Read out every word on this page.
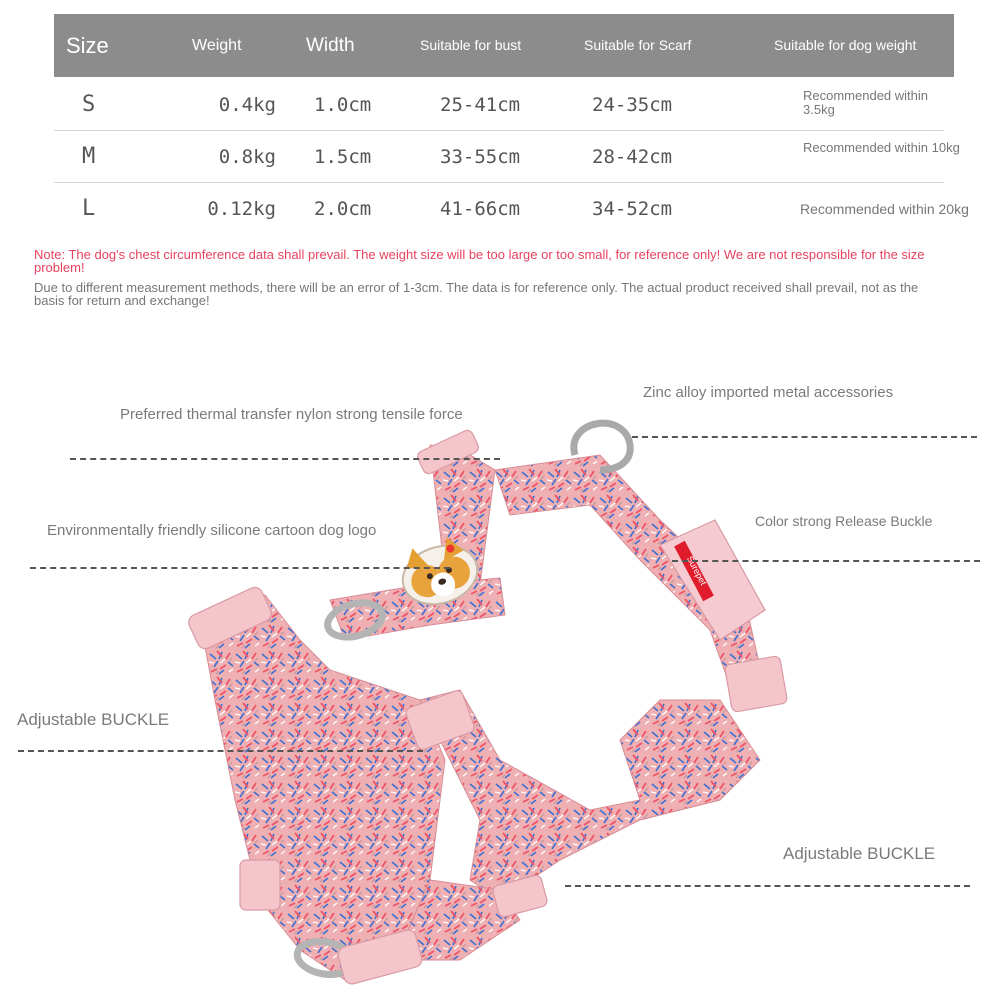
Size	Weight	Width	Suitable for bust	Suitable for Scarf	Suitable for dog weight
S	0.4kg 1.0cm	25-41cm	24-35cm	Recommended within 3.5kg
M	0.8kg 1.5cm	33-55cm	28-42cm	Recommended within 10kg
L	0.12kg 2.0cm	41-66cm	34-52cm	Recommended within 20kg
Note: The dog's chest circumference data shall prevail. The weight size will be too large or too small, for reference only! We are not responsible for the size problem!
Due to different measurement methods, there will be an error of 1-3cm. The data is for reference only. The actual product received shall prevail, not as the basis for return and exchange!
Surepet
Zinc alloy imported metal accessories
Preferred thermal transfer nylon strong tensile force
Environmentally friendly silicone cartoon dog logo
Color strong Release Buckle
Adjustable BUCKLE
Adjustable BUCKLE
